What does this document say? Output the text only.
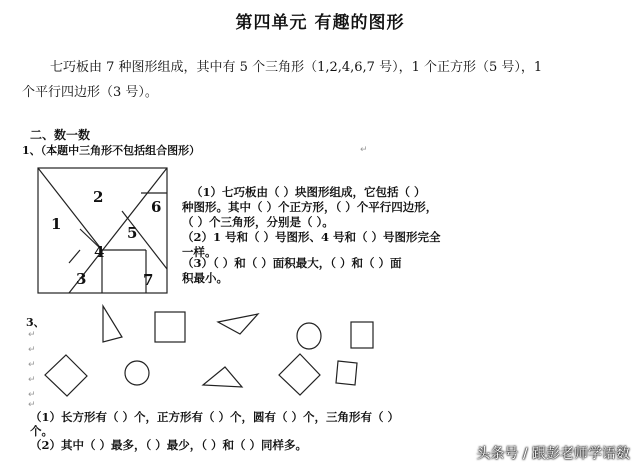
第四单元 有趣的图形
七巧板由 7 种图形组成，其中有 5 个三角形（1,2,4,6,7 号），1 个正方形（5 号），1
个平行四边形（3 号）。
二、数一数
1、（本题中三角形不包括组合图形）
1
2
3
4
5
6
7
（1）七巧板由（ ）块图形组成，它包括（ ）
种图形。其中（ ）个正方形，（ ）个平行四边形，
（ ）个三角形，分别是（ ）。
（2）1 号和（ ）号图形、4 号和（ ）号图形完全
一样。
（3）（ ）和（ ）面积最大，（ ）和（ ）面
积最小。
3、
↵
↵
↵
↵
↵
↵
↵
（1）长方形有（ ）个，正方形有（ ）个，圆有（ ）个，三角形有（ ）
个。
（2）其中（ ）最多，（ ）最少，（ ）和（ ）同样多。
头条号 / 跟彭老师学语数
